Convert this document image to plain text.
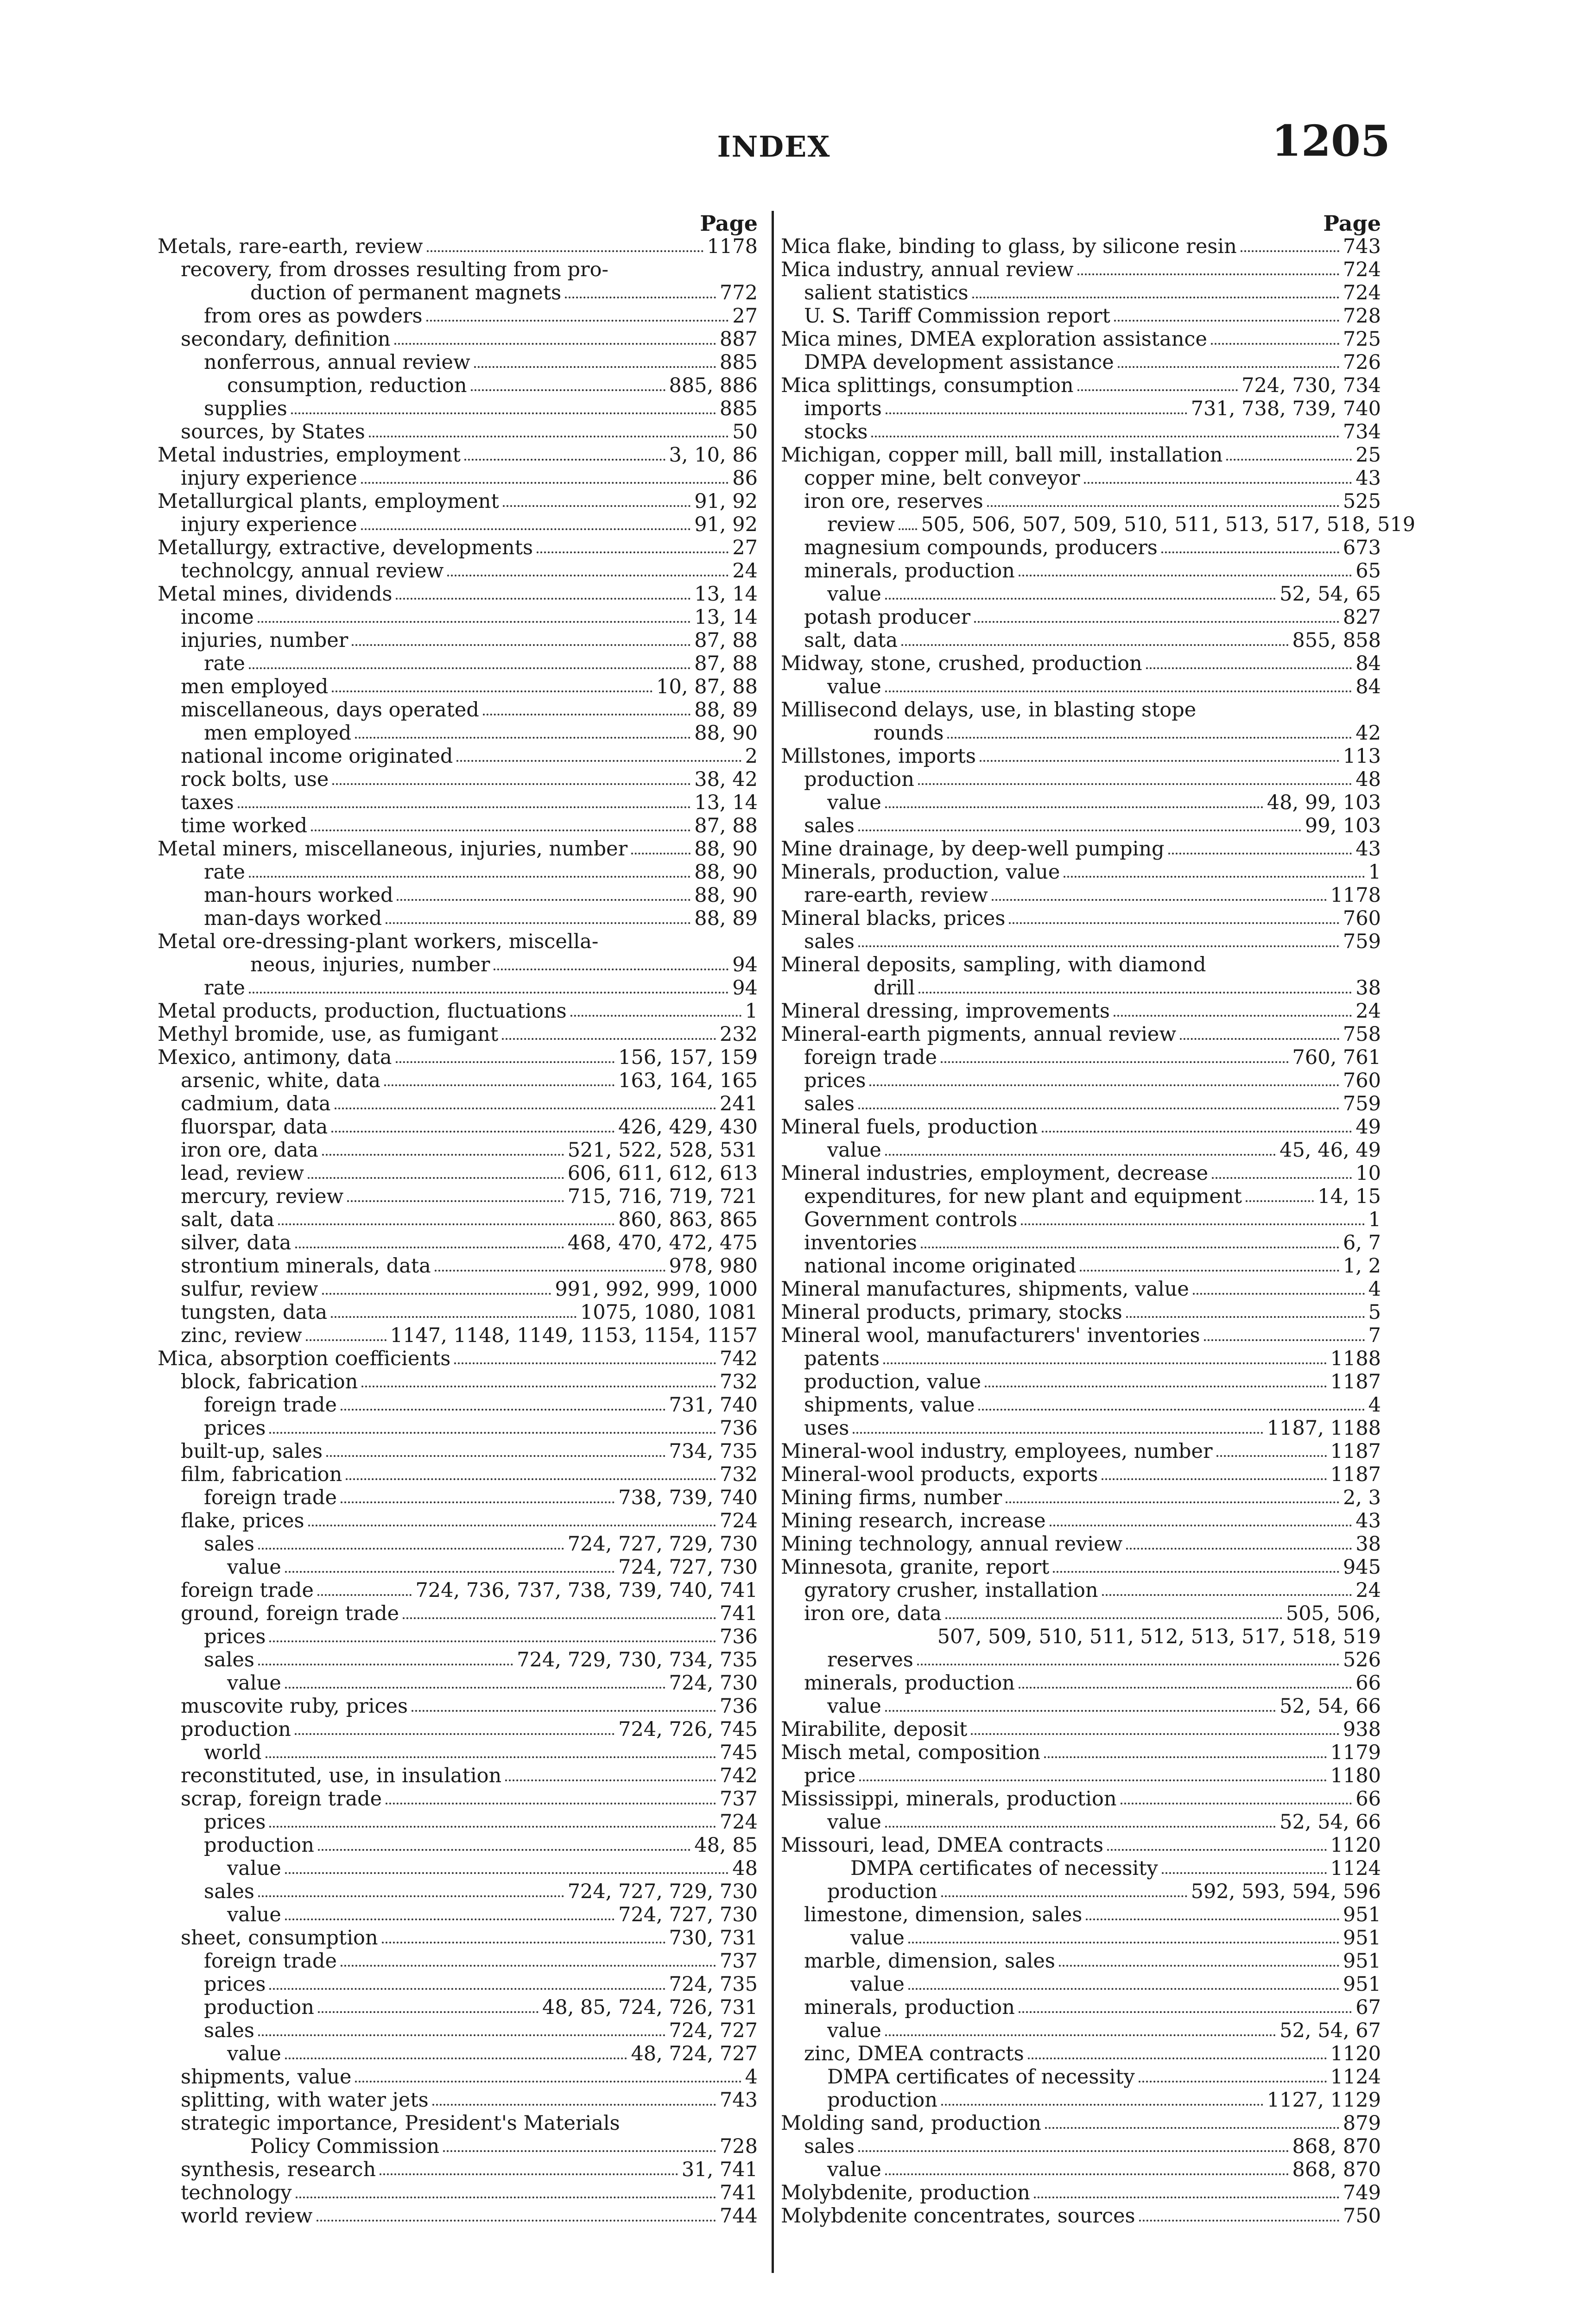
INDEX	1205
Page
Metals, rare-earth, review	1178
recovery, from drosses resulting from pro-
duction of permanent magnets	772
from ores as powders	27
secondary, definition	887
nonferrous, annual review	885
consumption, reduction	885, 886
supplies	885
sources, by States	50
Metal industries, employment	3, 10, 86
injury experience	86
Metallurgical plants, employment	91, 92
injury experience	91, 92
Metallurgy, extractive, developments	27
technolcgy, annual review	24
Metal mines, dividends	13, 14
income	13, 14
injuries, number	87, 88
rate	87, 88
men employed	10, 87, 88
miscellaneous, days operated	88, 89
men employed	88, 90
national income originated	2
rock bolts, use	38, 42
taxes	13, 14
time worked	87, 88
Metal miners, miscellaneous, injuries, number	88, 90
rate	88, 90
man-hours worked	88, 90
man-days worked	88, 89
Metal ore-dressing-plant workers, miscella-
neous, injuries, number	94
rate	94
Metal products, production, fluctuations	1
Methyl bromide, use, as fumigant	232
Mexico, antimony, data	156, 157, 159
arsenic, white, data	163, 164, 165
cadmium, data	241
fluorspar, data	426, 429, 430
iron ore, data	521, 522, 528, 531
lead, review	606, 611, 612, 613
mercury, review	715, 716, 719, 721
salt, data	860, 863, 865
silver, data	468, 470, 472, 475
strontium minerals, data	978, 980
sulfur, review	991, 992, 999, 1000
tungsten, data	1075, 1080, 1081
zinc, review	1147, 1148, 1149, 1153, 1154, 1157
Mica, absorption coefficients	742
block, fabrication	732
foreign trade	731, 740
prices	736
built-up, sales	734, 735
film, fabrication	732
foreign trade	738, 739, 740
flake, prices	724
sales	724, 727, 729, 730
value	724, 727, 730
foreign trade	724, 736, 737, 738, 739, 740, 741
ground, foreign trade	741
prices	736
sales	724, 729, 730, 734, 735
value	724, 730
muscovite ruby, prices	736
production	724, 726, 745
world	745
reconstituted, use, in insulation	742
scrap, foreign trade	737
prices	724
production	48, 85
value	48
sales	724, 727, 729, 730
value	724, 727, 730
sheet, consumption	730, 731
foreign trade	737
prices	724, 735
production	48, 85, 724, 726, 731
sales	724, 727
value	48, 724, 727
shipments, value	4
splitting, with water jets	743
strategic importance, President's Materials
Policy Commission	728
synthesis, research	31, 741
technology	741
world review	744
Page
Mica flake, binding to glass, by silicone resin	743
Mica industry, annual review	724
salient statistics	724
U. S. Tariff Commission report	728
Mica mines, DMEA exploration assistance	725
DMPA development assistance	726
Mica splittings, consumption	724, 730, 734
imports	731, 738, 739, 740
stocks	734
Michigan, copper mill, ball mill, installation	25
copper mine, belt conveyor	43
iron ore, reserves	525
review 505, 506, 507, 509, 510, 511, 513, 517, 518, 519
magnesium compounds, producers	673
minerals, production	65
value	52, 54, 65
potash producer	827
salt, data	855, 858
Midway, stone, crushed, production	84
value	84
Millisecond delays, use, in blasting stope
rounds	42
Millstones, imports	113
production	48
value	48, 99, 103
sales	99, 103
Mine drainage, by deep-well pumping	43
Minerals, production, value	1
rare-earth, review	1178
Mineral blacks, prices	760
sales	759
Mineral deposits, sampling, with diamond
drill	38
Mineral dressing, improvements	24
Mineral-earth pigments, annual review	758
foreign trade	760, 761
prices	760
sales	759
Mineral fuels, production	49
value	45, 46, 49
Mineral industries, employment, decrease	10
expenditures, for new plant and equipment	14, 15
Government controls	1
inventories	6, 7
national income originated	1, 2
Mineral manufactures, shipments, value	4
Mineral products, primary, stocks	5
Mineral wool, manufacturers' inventories	7
patents	1188
production, value	1187
shipments, value	4
uses	1187, 1188
Mineral-wool industry, employees, number	1187
Mineral-wool products, exports	1187
Mining firms, number	2, 3
Mining research, increase	43
Mining technology, annual review	38
Minnesota, granite, report	945
gyratory crusher, installation	24
iron ore, data	505, 506,
507, 509, 510, 511, 512, 513, 517, 518, 519
reserves	526
minerals, production	66
value	52, 54, 66
Mirabilite, deposit	938
Misch metal, composition	1179
price	1180
Mississippi, minerals, production	66
value	52, 54, 66
Missouri, lead, DMEA contracts	1120
DMPA certificates of necessity	1124
production	592, 593, 594, 596
limestone, dimension, sales	951
value	951
marble, dimension, sales	951
value	951
minerals, production	67
value	52, 54, 67
zinc, DMEA contracts	1120
DMPA certificates of necessity	1124
production	1127, 1129
Molding sand, production	879
sales	868, 870
value	868, 870
Molybdenite, production	749
Molybdenite concentrates, sources	750
